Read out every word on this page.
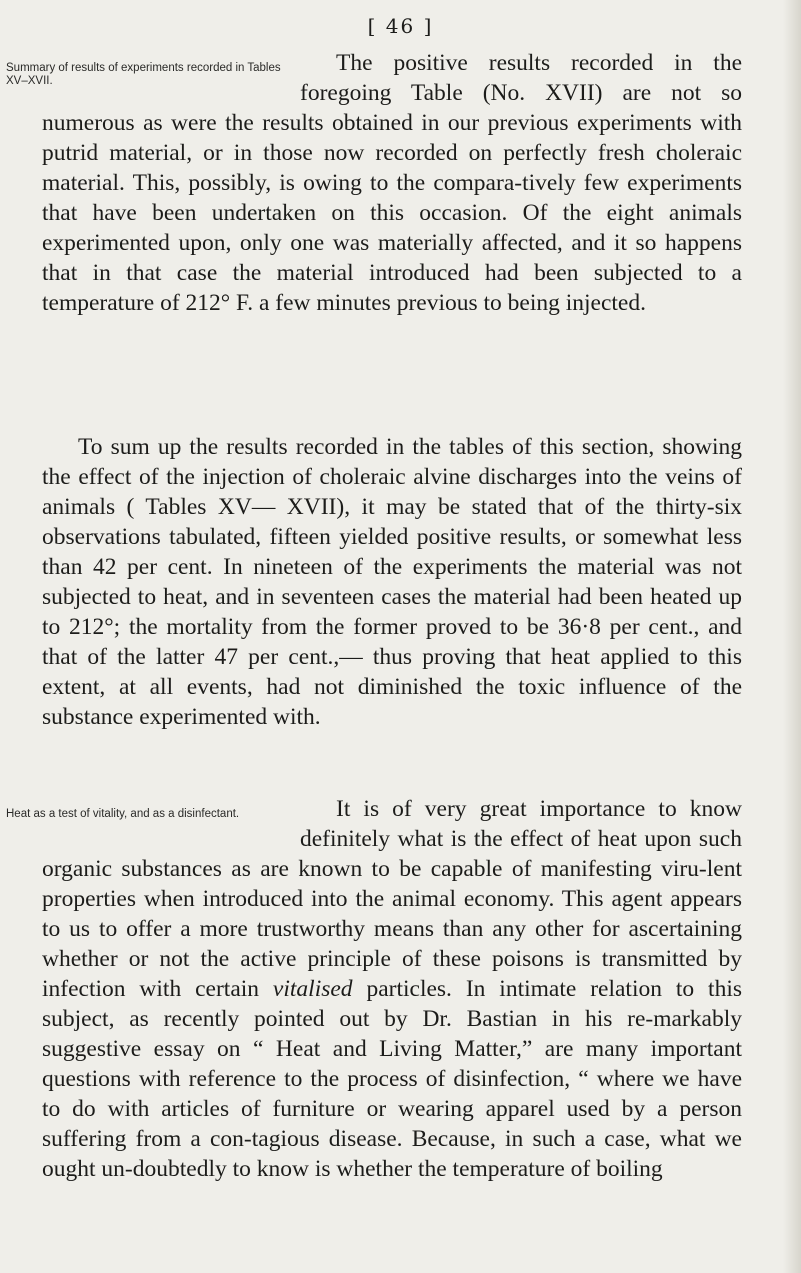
[ 46 ]
Summary of results of experiments recorded in Tables XV–XVII.
The positive results recorded in the foregoing Table (No. XVII) are not so numerous as were the results obtained in our previous experiments with putrid material, or in those now recorded on perfectly fresh choleraic material. This, possibly, is owing to the compara-tively few experiments that have been undertaken on this occasion. Of the eight animals experimented upon, only one was materially affected, and it so happens that in that case the material introduced had been subjected to a temperature of 212° F. a few minutes previous to being injected.
To sum up the results recorded in the tables of this section, showing the effect of the injection of choleraic alvine discharges into the veins of animals ( Tables XV— XVII), it may be stated that of the thirty-six observations tabulated, fifteen yielded positive results, or somewhat less than 42 per cent. In nineteen of the experiments the material was not subjected to heat, and in seventeen cases the material had been heated up to 212°; the mortality from the former proved to be 36·8 per cent., and that of the latter 47 per cent.,— thus proving that heat applied to this extent, at all events, had not diminished the toxic influence of the substance experimented with.
Heat as a test of vitality, and as a disinfectant.	It is of very great importance to know definitely what is the effect of heat upon such organic substances as are known to be capable of manifesting viru-lent properties when introduced into the animal economy. This agent appears to us to offer a more trustworthy means than any other for ascertaining whether or not the active principle of these poisons is transmitted by infection with certain vitalised particles. In intimate relation to this subject, as recently pointed out by Dr. Bastian in his re-markably suggestive essay on “ Heat and Living Matter,” are many important questions with reference to the process of disinfection, “ where we have to do with articles of furniture or wearing apparel used by a person suffering from a con-tagious disease. Because, in such a case, what we ought un-doubtedly to know is whether the temperature of boiling
